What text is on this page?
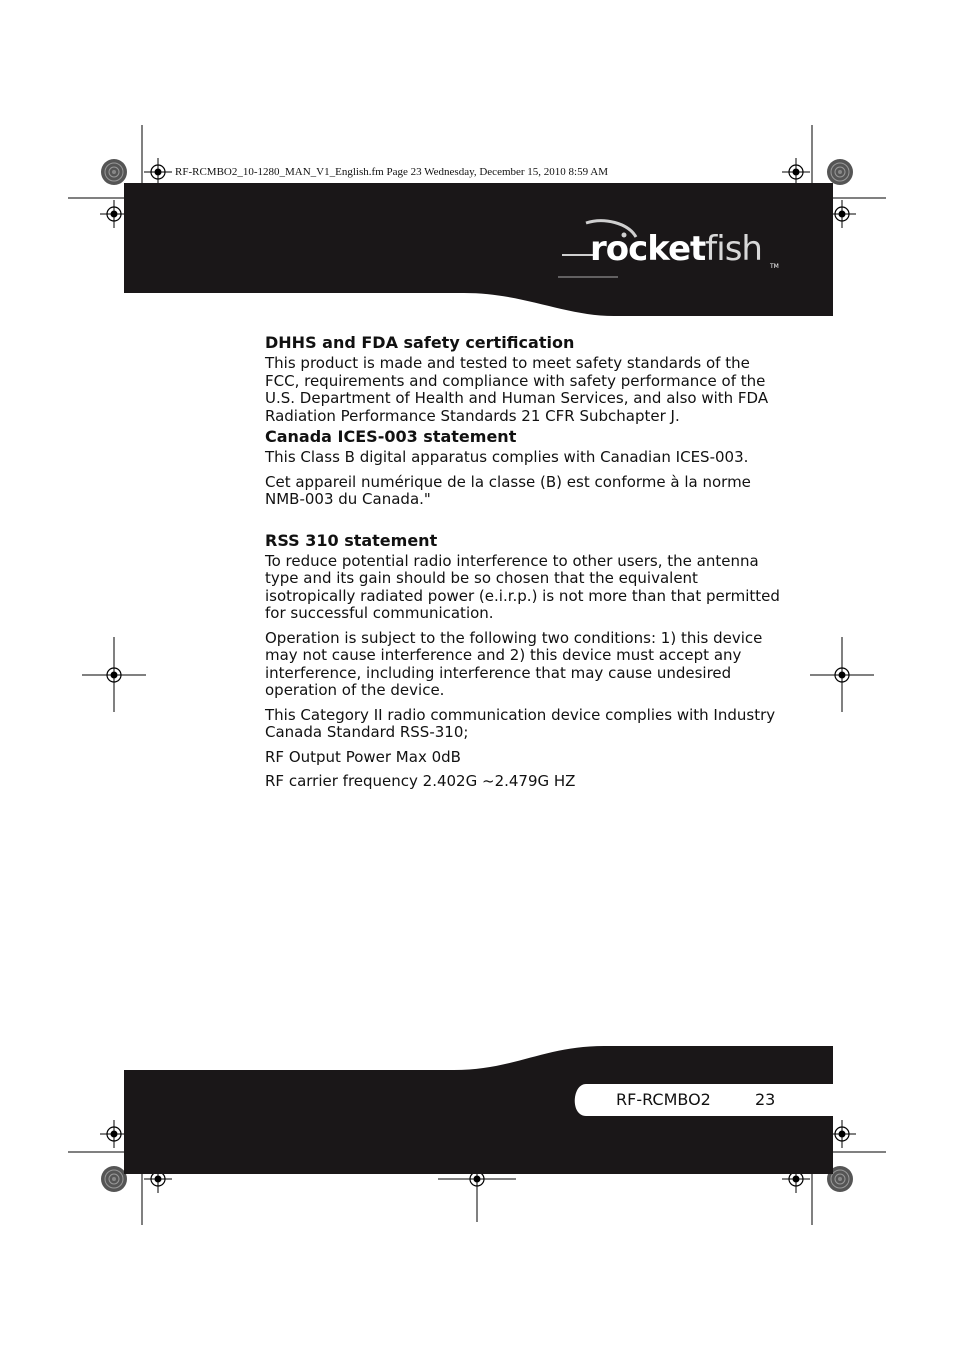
RF-RCMBO2_10-1280_MAN_V1_English.fm Page 23 Wednesday, December 15, 2010 8:59 AM
rocketfish TM
DHHS and FDA safety certification

This product is made and tested to meet safety standards of the FCC, requirements and compliance with safety performance of the U.S. Department of Health and Human Services, and also with FDA Radiation Performance Standards 21 CFR Subchapter J.

Canada ICES-003 statement

This Class B digital apparatus complies with Canadian ICES-003.

Cet appareil numérique de la classe (B) est conforme à la norme NMB-003 du Canada."

RSS 310 statement

To reduce potential radio interference to other users, the antenna type and its gain should be so chosen that the equivalent isotropically radiated power (e.i.r.p.) is not more than that permitted for successful communication.

Operation is subject to the following two conditions: 1) this device may not cause interference and 2) this device must accept any interference, including interference that may cause undesired operation of the device.

This Category II radio communication device complies with Industry Canada Standard RSS-310;

RF Output Power Max 0dB

RF carrier frequency 2.402G ~2.479G HZ

RF-RCMBO2	23
